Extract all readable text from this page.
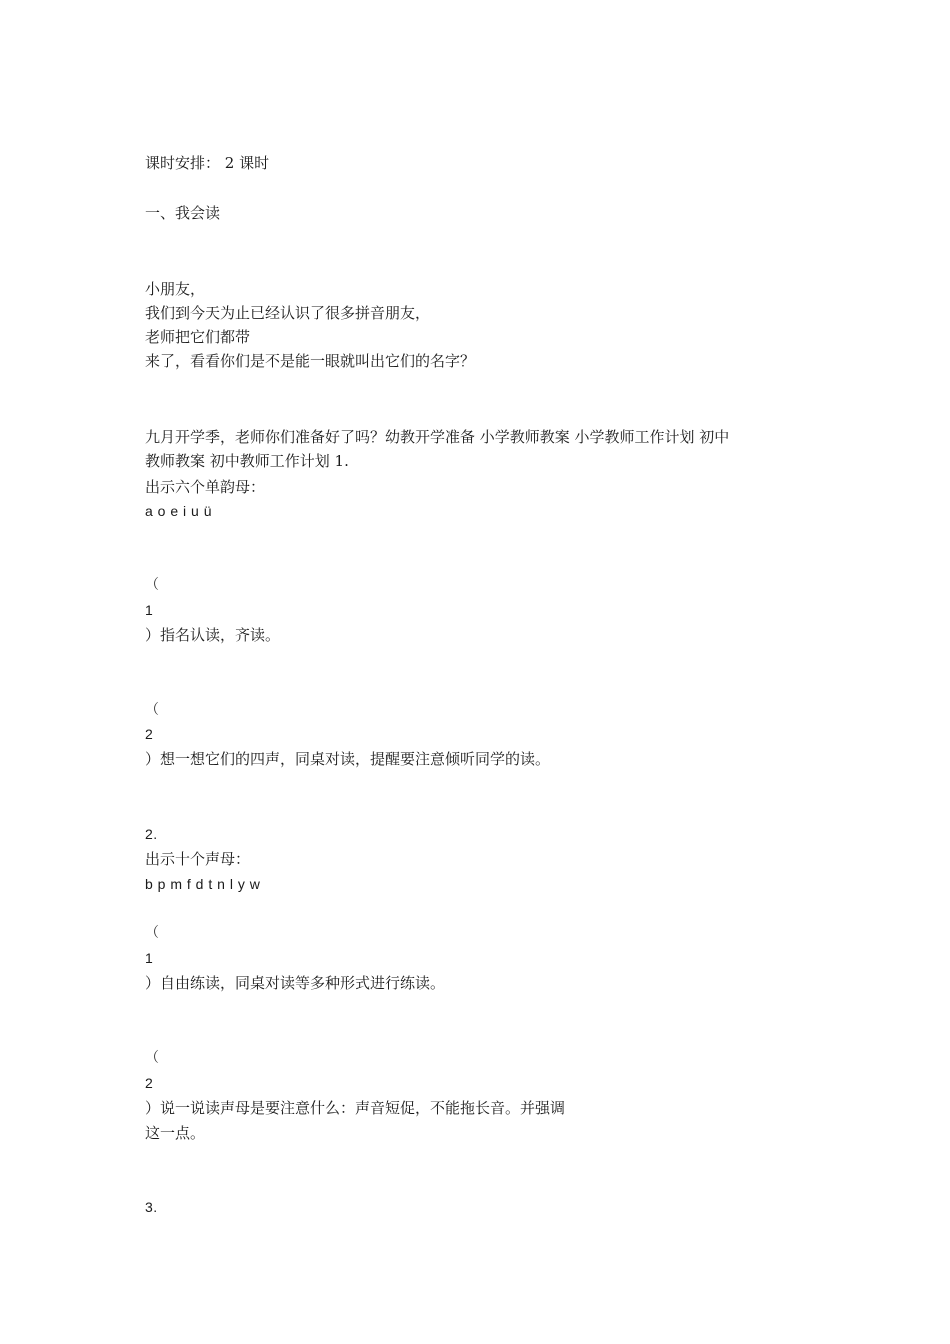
课时安排： 2 课时
一、我会读
小朋友，
我们到今天为止已经认识了很多拼音朋友，
老师把它们都带
来了，看看你们是不是能一眼就叫出它们的名字？
九月开学季，老师你们准备好了吗？幼教开学准备 小学教师教案 小学教师工作计划 初中
教师教案 初中教师工作计划 1.
出示六个单韵母：
a o e i u ü
（
1
）指名认读，齐读。
（
2
）想一想它们的四声，同桌对读，提醒要注意倾听同学的读。
2.
出示十个声母：
b p m f d t n l y w
（
1
）自由练读，同桌对读等多种形式进行练读。
（
2
）说一说读声母是要注意什么：声音短促，不能拖长音。并强调
这一点。
3.
